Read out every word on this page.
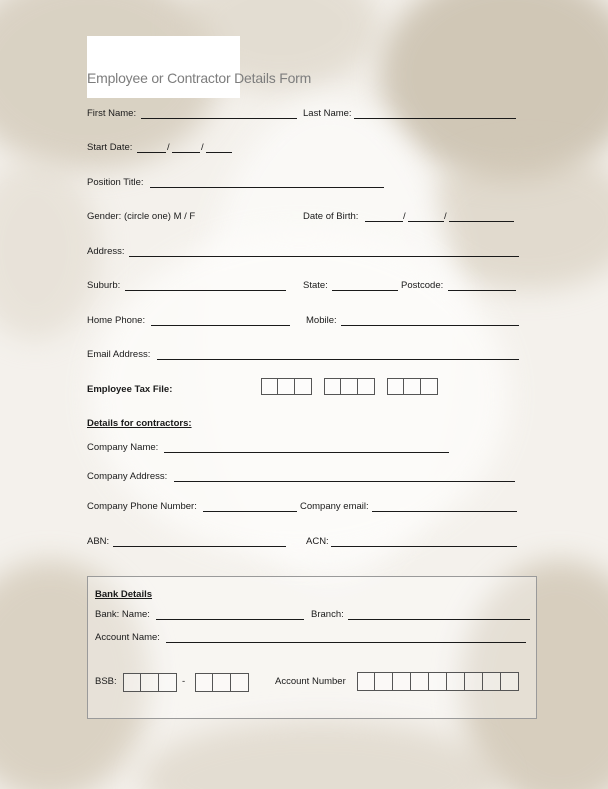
Employee or Contractor Details Form
First Name:	Last Name:
Start Date:	/	/
Position Title:
Gender: (circle one) M / F	Date of Birth:	/	/
Address:
Suburb:	State:	Postcode:
Home Phone:	Mobile:
Email Address:
Employee Tax File:
Details for contractors:
Company Name:
Company Address:
Company Phone Number:	Company email:
ABN:	ACN:
Bank Details
Bank: Name:	Branch:
Account Name:
BSB:	-	Account Number
